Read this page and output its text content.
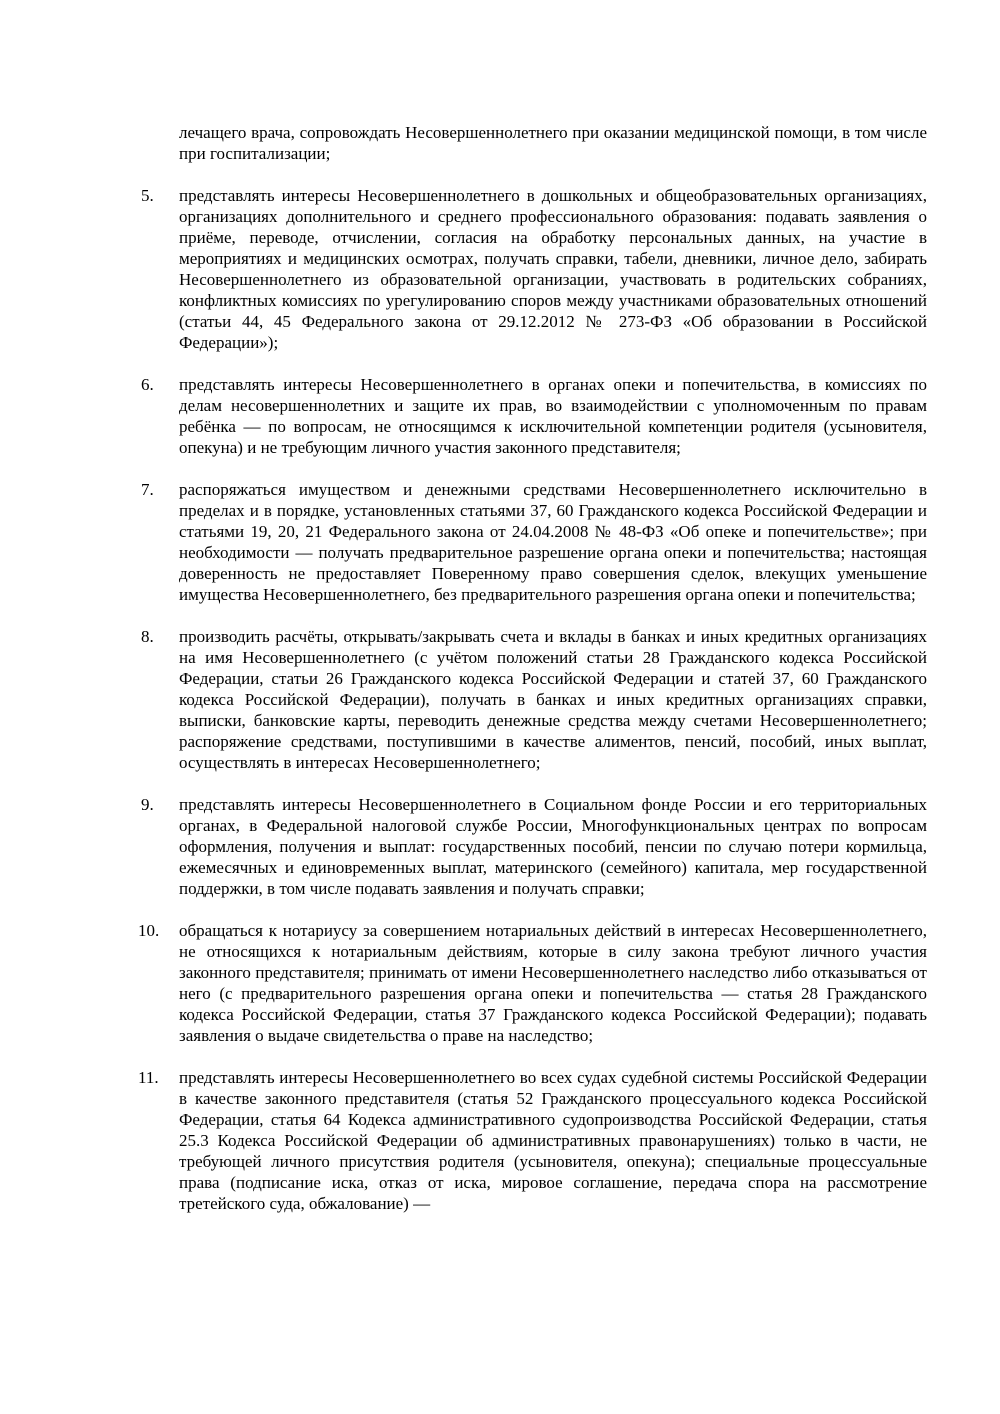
лечащего врача, сопровождать Несовершеннолетнего при оказании медицинской помощи, в том числе при госпитализации;

5.	представлять интересы Несовершеннолетнего в дошкольных и общеобразовательных организациях, организациях дополнительного и среднего профессионального образования: подавать заявления о приёме, переводе, отчислении, согласия на обработку персональных данных, на участие в мероприятиях и медицинских осмотрах, получать справки, табели, дневники, личное дело, забирать Несовершеннолетнего из образовательной организации, участвовать в родительских собраниях, конфликтных комиссиях по урегулированию споров между участниками образовательных отношений (статьи 44, 45 Федерального закона от 29.12.2012 № 273-ФЗ «Об образовании в Российской Федерации»);

6.	представлять интересы Несовершеннолетнего в органах опеки и попечительства, в комиссиях по делам несовершеннолетних и защите их прав, во взаимодействии с уполномоченным по правам ребёнка — по вопросам, не относящимся к исключительной компетенции родителя (усыновителя, опекуна) и не требующим личного участия законного представителя;

7.	распоряжаться имуществом и денежными средствами Несовершеннолетнего исключительно в пределах и в порядке, установленных статьями 37, 60 Гражданского кодекса Российской Федерации и статьями 19, 20, 21 Федерального закона от 24.04.2008 № 48-ФЗ «Об опеке и попечительстве»; при необходимости — получать предварительное разрешение органа опеки и попечительства; настоящая доверенность не предоставляет Поверенному право совершения сделок, влекущих уменьшение имущества Несовершеннолетнего, без предварительного разрешения органа опеки и попечительства;

8.	производить расчёты, открывать/закрывать счета и вклады в банках и иных кредитных организациях на имя Несовершеннолетнего (с учётом положений статьи 28 Гражданского кодекса Российской Федерации, статьи 26 Гражданского кодекса Российской Федерации и статей 37, 60 Гражданского кодекса Российской Федерации), получать в банках и иных кредитных организациях справки, выписки, банковские карты, переводить денежные средства между счетами Несовершеннолетнего; распоряжение средствами, поступившими в качестве алиментов, пенсий, пособий, иных выплат, осуществлять в интересах Несовершеннолетнего;

9.	представлять интересы Несовершеннолетнего в Социальном фонде России и его территориальных органах, в Федеральной налоговой службе России, Многофункциональных центрах по вопросам оформления, получения и выплат: государственных пособий, пенсии по случаю потери кормильца, ежемесячных и единовременных выплат, материнского (семейного) капитала, мер государственной поддержки, в том числе подавать заявления и получать справки;

10.	обращаться к нотариусу за совершением нотариальных действий в интересах Несовершеннолетнего, не относящихся к нотариальным действиям, которые в силу закона требуют личного участия законного представителя; принимать от имени Несовершеннолетнего наследство либо отказываться от него (с предварительного разрешения органа опеки и попечительства — статья 28 Гражданского кодекса Российской Федерации, статья 37 Гражданского кодекса Российской Федерации); подавать заявления о выдаче свидетельства о праве на наследство;

11.	представлять интересы Несовершеннолетнего во всех судах судебной системы Российской Федерации в качестве законного представителя (статья 52 Гражданского процессуального кодекса Российской Федерации, статья 64 Кодекса административного судопроизводства Российской Федерации, статья 25.3 Кодекса Российской Федерации об административных правонарушениях) только в части, не требующей личного присутствия родителя (усыновителя, опекуна); специальные процессуальные права (подписание иска, отказ от иска, мировое соглашение, передача спора на рассмотрение третейского суда, обжалование) —
